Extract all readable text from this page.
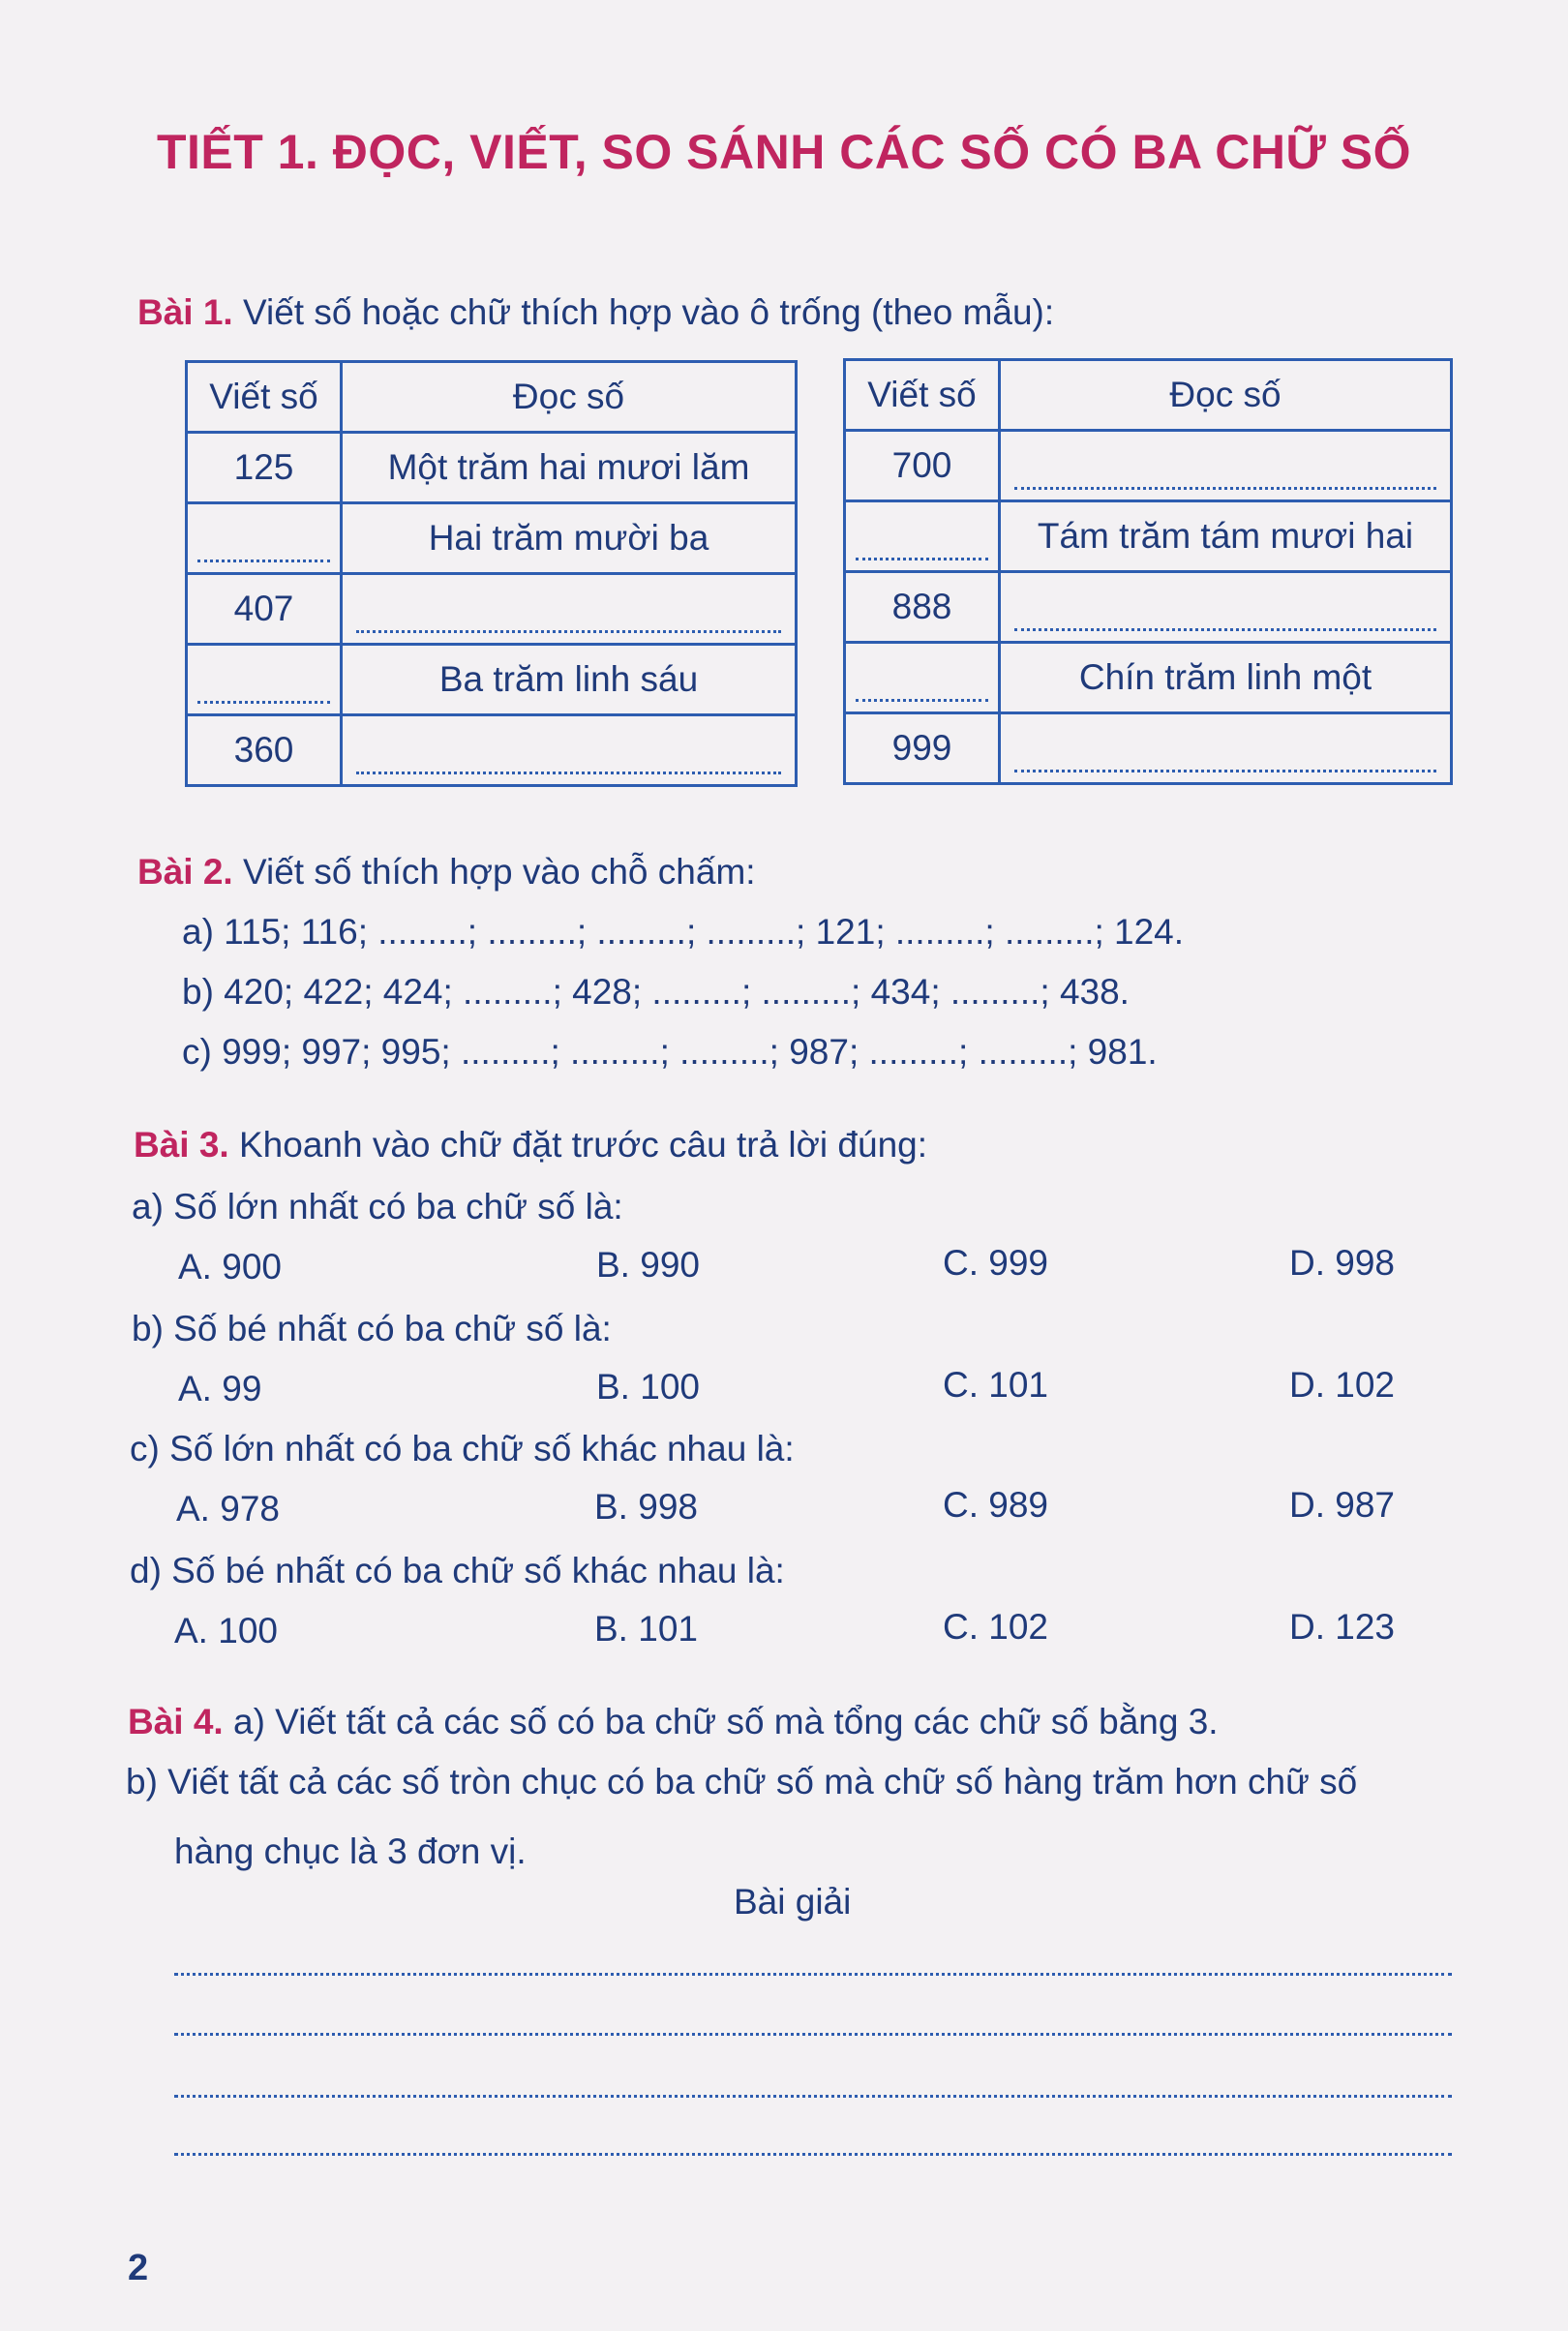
TIẾT 1. ĐỌC, VIẾT, SO SÁNH CÁC SỐ CÓ BA CHỮ SỐ
Bài 1. Viết số hoặc chữ thích hợp vào ô trống (theo mẫu):
Viết số	Đọc số
125	Một trăm hai mươi lăm

	Hai trăm mười ba
407	

	Ba trăm linh sáu
360	
Viết số	Đọc số
700	

	Tám trăm tám mươi hai
888	

	Chín trăm linh một
999	
Bài 2. Viết số thích hợp vào chỗ chấm:
a) 115; 116; .........; .........; .........; .........; 121; .........; .........; 124.
b) 420; 422; 424; .........; 428; .........; .........; 434; .........; 438.
c) 999; 997; 995; .........; .........; .........; 987; .........; .........; 981.
Bài 3. Khoanh vào chữ đặt trước câu trả lời đúng:
a) Số lớn nhất có ba chữ số là:
A. 900	B. 990	C. 999	D. 998
b) Số bé nhất có ba chữ số là:
A. 99	B. 100	C. 101	D. 102
c) Số lớn nhất có ba chữ số khác nhau là:
A. 978	B. 998	C. 989	D. 987
d) Số bé nhất có ba chữ số khác nhau là:
A. 100	B. 101	C. 102	D. 123
Bài 4. a) Viết tất cả các số có ba chữ số mà tổng các chữ số bằng 3.
b) Viết tất cả các số tròn chục có ba chữ số mà chữ số hàng trăm hơn chữ số
hàng chục là 3 đơn vị.
Bài giải
2
